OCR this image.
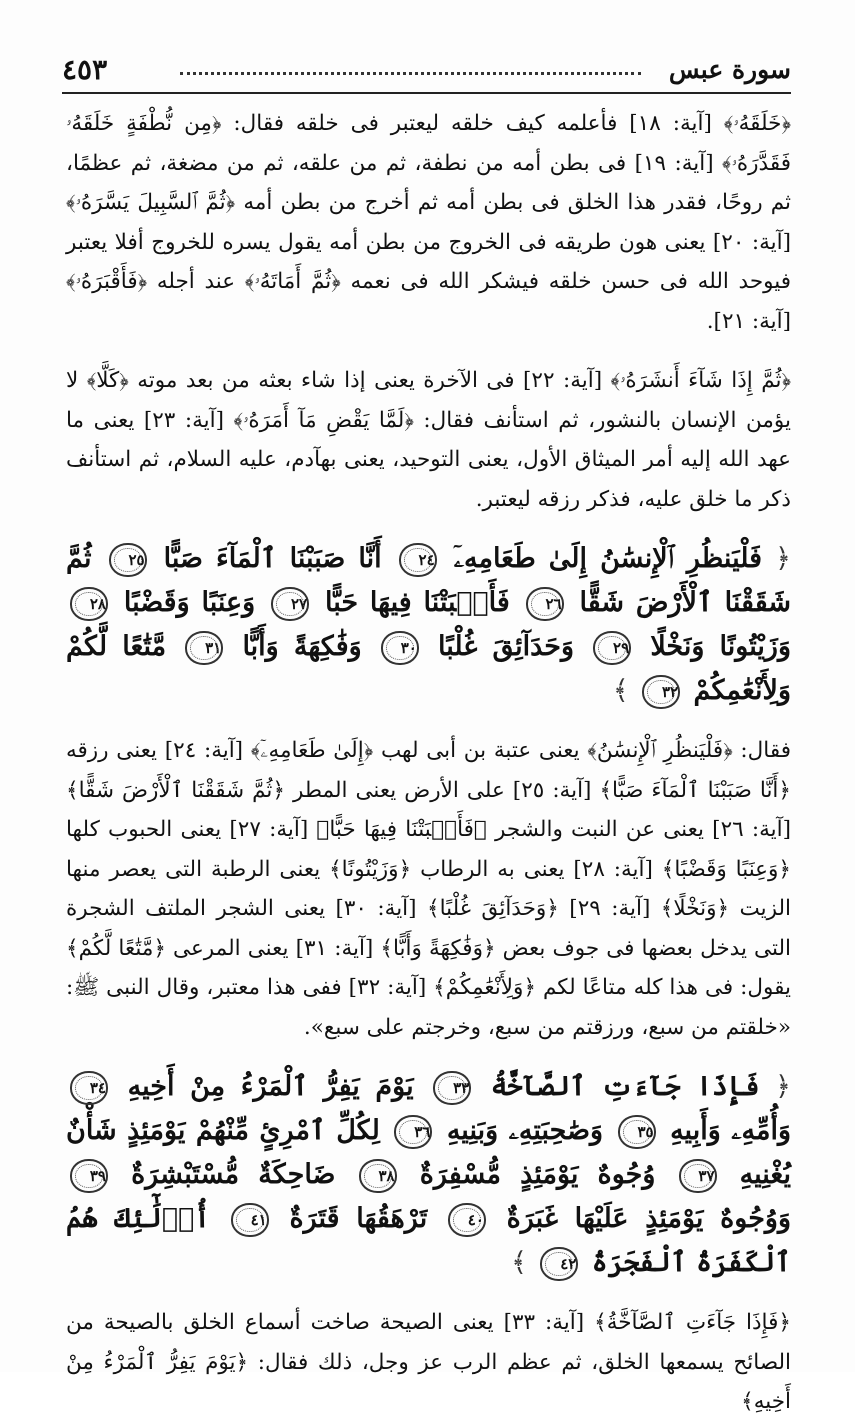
سورة عبس
٤٥٣

﴿خَلَقَهُۥ﴾ [آية: ١٨] فأعلمه كيف خلقه ليعتبر فى خلقه فقال: ﴿مِن نُّطْفَةٍ خَلَقَهُۥ فَقَدَّرَهُۥ﴾ [آية: ١٩] فى بطن أمه من نطفة، ثم من علقه، ثم من مضغة، ثم عظمًا، ثم روحًا، فقدر هذا الخلق فى بطن أمه ثم أخرج من بطن أمه ﴿ثُمَّ ٱلسَّبِيلَ يَسَّرَهُۥ﴾ [آية: ٢٠] يعنى هون طريقه فى الخروج من بطن أمه يقول يسره للخروج أفلا يعتبر فيوحد الله فى حسن خلقه فيشكر الله فى نعمه ﴿ثُمَّ أَمَاتَهُۥ﴾ عند أجله ﴿فَأَقْبَرَهُۥ﴾ [آية: ٢١].

﴿ثُمَّ إِذَا شَآءَ أَنشَرَهُۥ﴾ [آية: ٢٢] فى الآخرة يعنى إذا شاء بعثه من بعد موته ﴿كَلَّا﴾ لا يؤمن الإنسان بالنشور، ثم استأنف فقال: ﴿لَمَّا يَقْضِ مَآ أَمَرَهُۥ﴾ [آية: ٢٣] يعنى ما عهد الله إليه أمر الميثاق الأول، يعنى التوحيد، يعنى بهآدم، عليه السلام، ثم استأنف ذكر ما خلق عليه، فذكر رزقه ليعتبر.

﴿ فَلْيَنظُرِ ٱلْإِنسَٰنُ إِلَىٰ طَعَامِهِۦٓ ٢٤ أَنَّا صَبَبْنَا ٱلْمَآءَ صَبًّا ٢٥ ثُمَّ شَقَقْنَا ٱلْأَرْضَ شَقًّا ٢٦ فَأَنۢبَتْنَا فِيهَا حَبًّا ٢٧ وَعِنَبًا وَقَضْبًا ٢٨ وَزَيْتُونًا وَنَخْلًا ٢٩ وَحَدَآئِقَ غُلْبًا ٣٠ وَفَٰكِهَةً وَأَبًّا ٣١ مَّتَٰعًا لَّكُمْ وَلِأَنْعَٰمِكُمْ ٣٢ ﴾

فقال: ﴿فَلْيَنظُرِ ٱلْإِنسَٰنُ﴾ يعنى عتبة بن أبى لهب ﴿إِلَىٰ طَعَامِهِۦٓ﴾ [آية: ٢٤] يعنى رزقه ﴿أَنَّا صَبَبْنَا ٱلْمَآءَ صَبًّا﴾ [آية: ٢٥] على الأرض يعنى المطر ﴿ثُمَّ شَقَقْنَا ٱلْأَرْضَ شَقًّا﴾ [آية: ٢٦] يعنى عن النبت والشجر ﴿فَأَنۢبَتْنَا فِيهَا حَبًّا﴾ [آية: ٢٧] يعنى الحبوب كلها ﴿وَعِنَبًا وَقَضْبًا﴾ [آية: ٢٨] يعنى به الرطاب ﴿وَزَيْتُونًا﴾ يعنى الرطبة التى يعصر منها الزيت ﴿وَنَخْلًا﴾ [آية: ٢٩] ﴿وَحَدَآئِقَ غُلْبًا﴾ [آية: ٣٠] يعنى الشجر الملتف الشجرة التى يدخل بعضها فى جوف بعض ﴿وَفَٰكِهَةً وَأَبًّا﴾ [آية: ٣١] يعنى المرعى ﴿مَّتَٰعًا لَّكُمْ﴾ يقول: فى هذا كله متاعًا لكم ﴿وَلِأَنْعَٰمِكُمْ﴾ [آية: ٣٢] ففى هذا معتبر، وقال النبى ﷺ: «خلقتم من سبع، ورزقتم من سبع، وخرجتم على سبع».

﴿ فَإِذَا جَآءَتِ ٱلصَّآخَّةُ ٣٣ يَوْمَ يَفِرُّ ٱلْمَرْءُ مِنْ أَخِيهِ ٣٤ وَأُمِّهِۦ وَأَبِيهِ ٣٥ وَصَٰحِبَتِهِۦ وَبَنِيهِ ٣٦ لِكُلِّ ٱمْرِئٍ مِّنْهُمْ يَوْمَئِذٍ شَأْنٌ يُغْنِيهِ ٣٧ وُجُوهٌ يَوْمَئِذٍ مُّسْفِرَةٌ ٣٨ ضَاحِكَةٌ مُّسْتَبْشِرَةٌ ٣٩ وَوُجُوهٌ يَوْمَئِذٍ عَلَيْهَا غَبَرَةٌ ٤٠ تَرْهَقُهَا قَتَرَةٌ ٤١ أُو۟لَٰٓئِكَ هُمُ ٱلْكَفَرَةُ ٱلْفَجَرَةُ ٤٢ ﴾

﴿فَإِذَا جَآءَتِ ٱلصَّآخَّةُ﴾ [آية: ٣٣] يعنى الصيحة صاخت أسماع الخلق بالصيحة من الصائح يسمعها الخلق، ثم عظم الرب عز وجل، ذلك فقال: ﴿يَوْمَ يَفِرُّ ٱلْمَرْءُ مِنْ أَخِيهِ﴾
